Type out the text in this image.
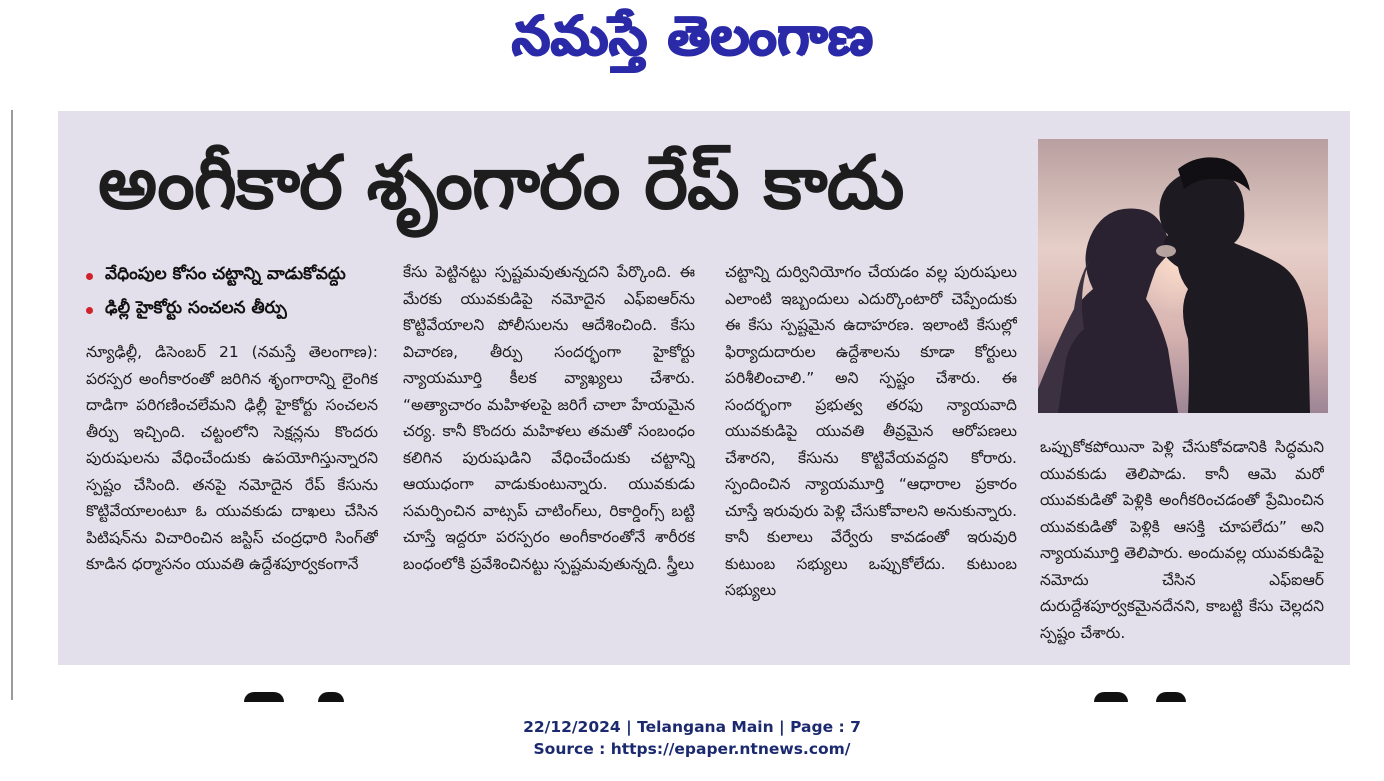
నమస్తే తెలంగాణ
అంగీకార శృంగారం రేప్ కాదు
వేధింపుల కోసం చట్టాన్ని వాడుకోవద్దు
ఢిల్లీ హైకోర్టు సంచలన తీర్పు
న్యూఢిల్లీ, డిసెంబర్ 21 (నమస్తే తెలంగాణ): పరస్పర అంగీకారంతో జరిగిన శృంగారాన్ని లైంగిక దాడిగా పరిగణించలేమని ఢిల్లీ హైకోర్టు సంచలన తీర్పు ఇచ్చింది. చట్టంలోని సెక్షన్లను కొందరు పురుషులను వేధించేందుకు ఉపయోగిస్తున్నారని స్పష్టం చేసింది. తనపై నమోదైన రేప్ కేసును కొట్టివేయాలంటూ ఓ యువకుడు దాఖలు చేసిన పిటిషన్‌ను విచారించిన జస్టిస్ చంద్రధారి సింగ్‌తో కూడిన ధర్మాసనం యువతి ఉద్దేశపూర్వకంగానే
కేసు పెట్టినట్టు స్పష్టమవుతున్నదని పేర్కొంది. ఈ మేరకు యువకుడిపై నమోదైన ఎఫ్‌ఐఆర్‌ను కొట్టివేయాలని పోలీసులను ఆదేశించింది. కేసు విచారణ, తీర్పు సందర్భంగా హైకోర్టు న్యాయమూర్తి కీలక వ్యాఖ్యలు చేశారు. “అత్యాచారం మహిళలపై జరిగే చాలా హేయమైన చర్య. కానీ కొందరు మహిళలు తమతో సంబంధం కలిగిన పురుషుడిని వేధించేందుకు చట్టాన్ని ఆయుధంగా వాడుకుంటున్నారు. యువకుడు సమర్పించిన వాట్సప్ చాటింగ్‌లు, రికార్డింగ్స్ బట్టి చూస్తే ఇద్దరూ పరస్పరం అంగీకారంతోనే శారీరక బంధంలోకి ప్రవేశించినట్టు స్పష్టమవుతున్నది. స్త్రీలు
చట్టాన్ని దుర్వినియోగం చేయడం వల్ల పురుషులు ఎలాంటి ఇబ్బందులు ఎదుర్కొంటారో చెప్పేందుకు ఈ కేసు స్పష్టమైన ఉదాహరణ. ఇలాంటి కేసుల్లో ఫిర్యాదుదారుల ఉద్దేశాలను కూడా కోర్టులు పరిశీలించాలి.” అని స్పష్టం చేశారు. ఈ సందర్భంగా ప్రభుత్వ తరఫు న్యాయవాది యువకుడిపై యువతి తీవ్రమైన ఆరోపణలు చేశారని, కేసును కొట్టివేయవద్దని కోరారు. స్పందించిన న్యాయమూర్తి “ఆధారాల ప్రకారం చూస్తే ఇరువురు పెళ్లి చేసుకోవాలని అనుకున్నారు. కానీ కులాలు వేర్వేరు కావడంతో ఇరువురి కుటుంబ సభ్యులు ఒప్పుకోలేదు. కుటుంబ సభ్యులు
ఒప్పుకోకపోయినా పెళ్లి చేసుకోవడానికి సిద్ధమని యువకుడు తెలిపాడు. కానీ ఆమె మరో యువకుడితో పెళ్లికి అంగీకరించడంతో ప్రేమించిన యువకుడితో పెళ్లికి ఆసక్తి చూపలేదు” అని న్యాయమూర్తి తెలిపారు. అందువల్ల యువకుడిపై నమోదు చేసిన ఎఫ్‌ఐఆర్ దురుద్దేశపూర్వకమైనదేనని, కాబట్టి కేసు చెల్లదని స్పష్టం చేశారు.
22/12/2024 | Telangana Main | Page : 7
Source : https://epaper.ntnews.com/
